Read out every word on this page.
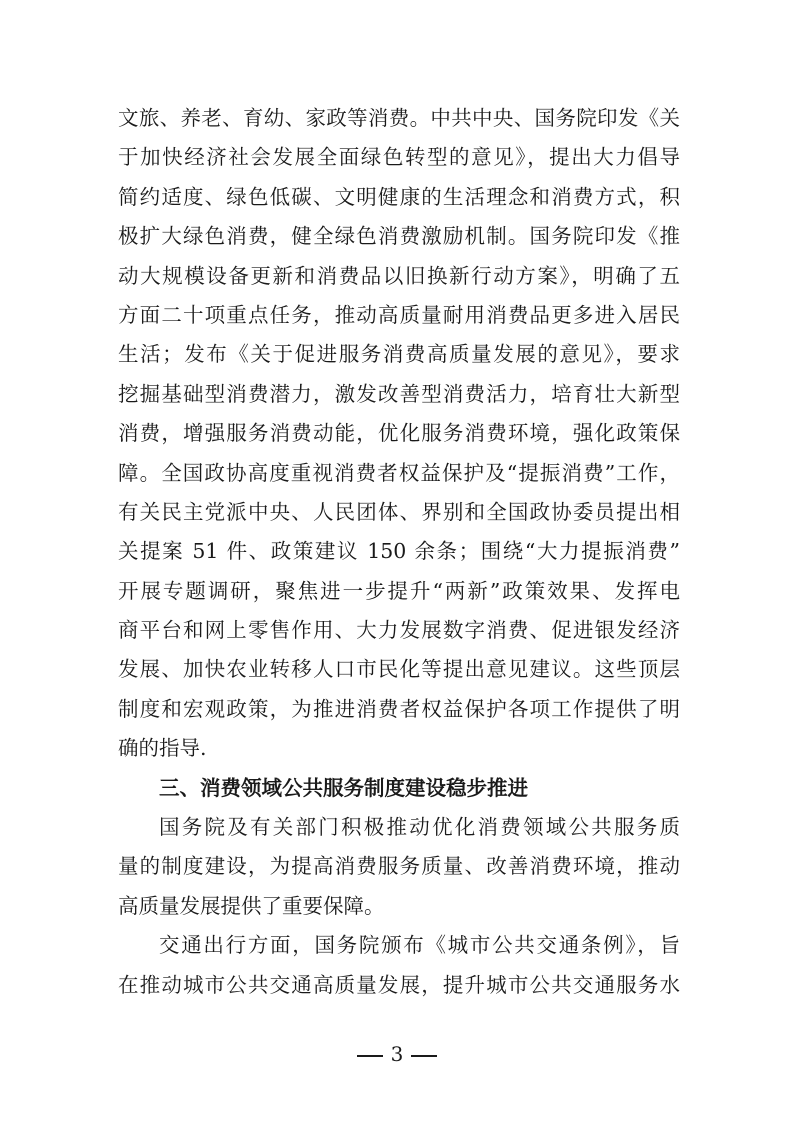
文旅、养老、育幼、家政等消费。中共中央、国务院印发《关
于加快经济社会发展全面绿色转型的意见》，提出大力倡导
简约适度、绿色低碳、文明健康的生活理念和消费方式，积
极扩大绿色消费，健全绿色消费激励机制。国务院印发《推
动大规模设备更新和消费品以旧换新行动方案》，明确了五
方面二十项重点任务，推动高质量耐用消费品更多进入居民
生活；发布《关于促进服务消费高质量发展的意见》，要求
挖掘基础型消费潜力，激发改善型消费活力，培育壮大新型
消费，增强服务消费动能，优化服务消费环境，强化政策保
障。全国政协高度重视消费者权益保护及“提振消费”工作，
有关民主党派中央、人民团体、界别和全国政协委员提出相
关提案 51 件、政策建议 150 余条；围绕“大力提振消费”
开展专题调研，聚焦进一步提升“两新”政策效果、发挥电
商平台和网上零售作用、大力发展数字消费、促进银发经济
发展、加快农业转移人口市民化等提出意见建议。这些顶层
制度和宏观政策，为推进消费者权益保护各项工作提供了明
确的指导.
三、消费领域公共服务制度建设稳步推进
国务院及有关部门积极推动优化消费领域公共服务质
量的制度建设，为提高消费服务质量、改善消费环境，推动
高质量发展提供了重要保障。
交通出行方面，国务院颁布《城市公共交通条例》，旨
在推动城市公共交通高质量发展，提升城市公共交通服务水
3
